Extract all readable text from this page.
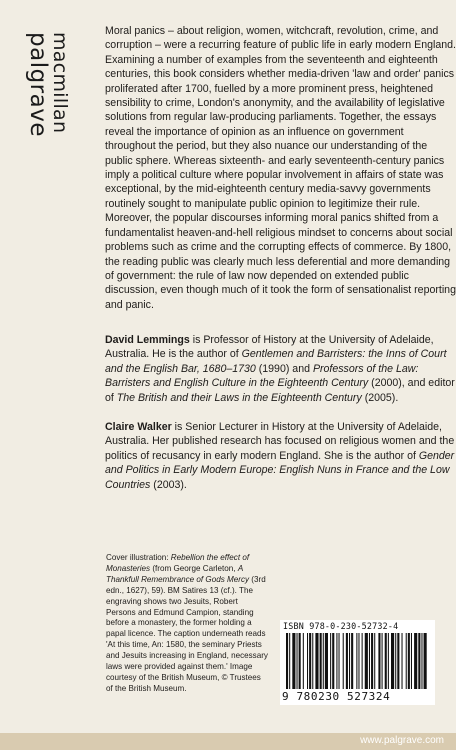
palgrave
macmillan

Moral panics – about religion, women, witchcraft, revolution, crime, and corruption – were a recurring feature of public life in early modern England. Examining a number of examples from the seventeenth and eighteenth centuries, this book considers whether media-driven 'law and order' panics proliferated after 1700, fuelled by a more prominent press, heightened sensibility to crime, London's anonymity, and the availability of legislative solutions from regular law-producing parliaments. Together, the essays reveal the importance of opinion as an influence on government throughout the period, but they also nuance our understanding of the public sphere. Whereas sixteenth- and early seventeenth-century panics imply a political culture where popular involvement in affairs of state was exceptional, by the mid-eighteenth century media-savvy governments routinely sought to manipulate public opinion to legitimize their rule. Moreover, the popular discourses informing moral panics shifted from a fundamentalist heaven-and-hell religious mindset to concerns about social problems such as crime and the corrupting effects of commerce. By 1800, the reading public was clearly much less deferential and more demanding of government: the rule of law now depended on extended public discussion, even though much of it took the form of sensationalist reporting and panic.

David Lemmings is Professor of History at the University of Adelaide, Australia. He is the author of Gentlemen and Barristers: the Inns of Court and the English Bar, 1680–1730 (1990) and Professors of the Law: Barristers and English Culture in the Eighteenth Century (2000), and editor of The British and their Laws in the Eighteenth Century (2005).

Claire Walker is Senior Lecturer in History at the University of Adelaide, Australia. Her published research has focused on religious women and the politics of recusancy in early modern England. She is the author of Gender and Politics in Early Modern Europe: English Nuns in France and the Low Countries (2003).

Cover illustration: Rebellion the effect of Monasteries (from George Carleton, A Thankfull Remembrance of Gods Mercy (3rd edn., 1627), 59). BM Satires 13 (cf.). The engraving shows two Jesuits, Robert Persons and Edmund Campion, standing before a monastery, the former holding a papal licence. The caption underneath reads 'At this time, An: 1580, the seminary Priests and Jesuits increasing in England, necessary laws were provided against them.' Image courtesy of the British Museum, © Trustees of the British Museum.

ISBN 978-0-230-52732-4
9 780230 527324
www.palgrave.com
